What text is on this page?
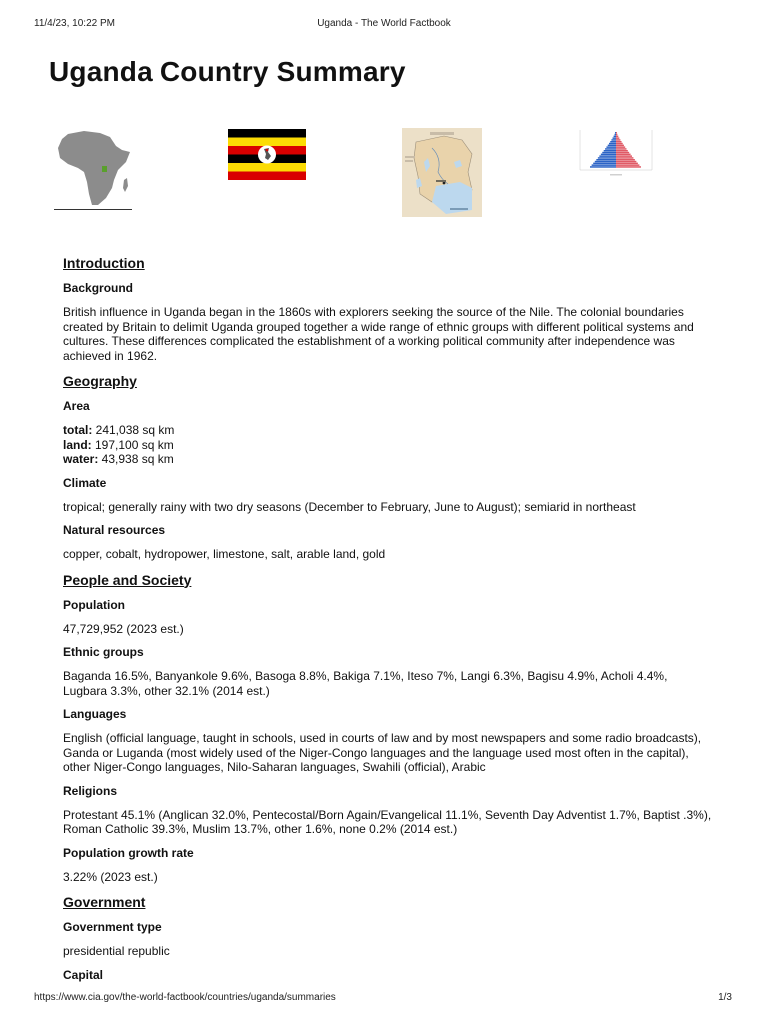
11/4/23, 10:22 PM	Uganda - The World Factbook
Uganda Country Summary
Introduction
Background

British influence in Uganda began in the 1860s with explorers seeking the source of the Nile. The colonial boundaries created by Britain to delimit Uganda grouped together a wide range of ethnic groups with different political systems and cultures. These differences complicated the establishment of a working political community after independence was achieved in 1962.

Geography
Area

total: 241,038 sq km
land: 197,100 sq km
water: 43,938 sq km

Climate

tropical; generally rainy with two dry seasons (December to February, June to August); semiarid in northeast

Natural resources

copper, cobalt, hydropower, limestone, salt, arable land, gold

People and Society
Population

47,729,952 (2023 est.)

Ethnic groups

Baganda 16.5%, Banyankole 9.6%, Basoga 8.8%, Bakiga 7.1%, Iteso 7%, Langi 6.3%, Bagisu 4.9%, Acholi 4.4%, Lugbara 3.3%, other 32.1% (2014 est.)

Languages

English (official language, taught in schools, used in courts of law and by most newspapers and some radio broadcasts), Ganda or Luganda (most widely used of the Niger-Congo languages and the language used most often in the capital), other Niger-Congo languages, Nilo-Saharan languages, Swahili (official), Arabic

Religions

Protestant 45.1% (Anglican 32.0%, Pentecostal/Born Again/Evangelical 11.1%, Seventh Day Adventist 1.7%, Baptist .3%), Roman Catholic 39.3%, Muslim 13.7%, other 1.6%, none 0.2% (2014 est.)

Population growth rate

3.22% (2023 est.)

Government
Government type

presidential republic

Capital
https://www.cia.gov/the-world-factbook/countries/uganda/summaries	1/3
